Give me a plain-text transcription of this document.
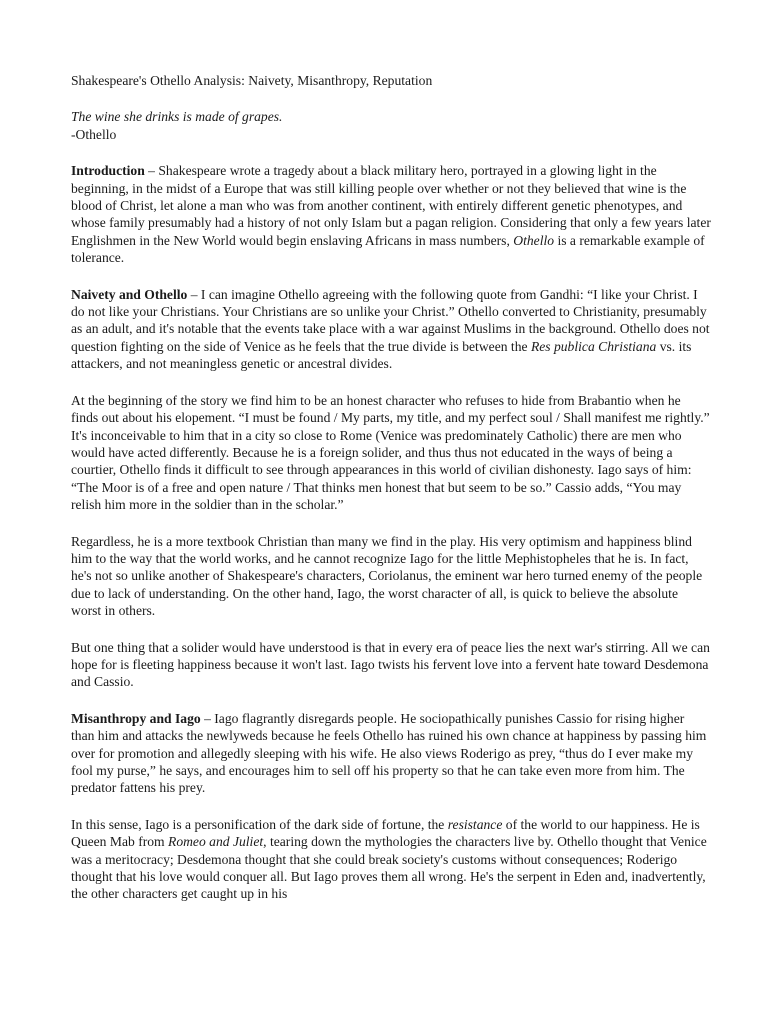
Shakespeare's Othello Analysis: Naivety, Misanthropy, Reputation
The wine she drinks is made of grapes.
-Othello

Introduction – Shakespeare wrote a tragedy about a black military hero, portrayed in a glowing light in the beginning, in the midst of a Europe that was still killing people over whether or not they believed that wine is the blood of Christ, let alone a man who was from another continent, with entirely different genetic phenotypes, and whose family presumably had a history of not only Islam but a pagan religion. Considering that only a few years later Englishmen in the New World would begin enslaving Africans in mass numbers, Othello is a remarkable example of tolerance.

Naivety and Othello – I can imagine Othello agreeing with the following quote from Gandhi: “I like your Christ. I do not like your Christians. Your Christians are so unlike your Christ.” Othello converted to Christianity, presumably as an adult, and it's notable that the events take place with a war against Muslims in the background. Othello does not question fighting on the side of Venice as he feels that the true divide is between the Res publica Christiana vs. its attackers, and not meaningless genetic or ancestral divides.

At the beginning of the story we find him to be an honest character who refuses to hide from Brabantio when he finds out about his elopement. “I must be found / My parts, my title, and my perfect soul / Shall manifest me rightly.” It's inconceivable to him that in a city so close to Rome (Venice was predominately Catholic) there are men who would have acted differently. Because he is a foreign solider, and thus thus not educated in the ways of being a courtier, Othello finds it difficult to see through appearances in this world of civilian dishonesty. Iago says of him: “The Moor is of a free and open nature / That thinks men honest that but seem to be so.” Cassio adds, “You may relish him more in the soldier than in the scholar.”

Regardless, he is a more textbook Christian than many we find in the play. His very optimism and happiness blind him to the way that the world works, and he cannot recognize Iago for the little Mephistopheles that he is. In fact, he's not so unlike another of Shakespeare's characters, Coriolanus, the eminent war hero turned enemy of the people due to lack of understanding. On the other hand, Iago, the worst character of all, is quick to believe the absolute worst in others.

But one thing that a solider would have understood is that in every era of peace lies the next war's stirring. All we can hope for is fleeting happiness because it won't last. Iago twists his fervent love into a fervent hate toward Desdemona and Cassio.

Misanthropy and Iago – Iago flagrantly disregards people. He sociopathically punishes Cassio for rising higher than him and attacks the newlyweds because he feels Othello has ruined his own chance at happiness by passing him over for promotion and allegedly sleeping with his wife. He also views Roderigo as prey, “thus do I ever make my fool my purse,” he says, and encourages him to sell off his property so that he can take even more from him. The predator fattens his prey.

In this sense, Iago is a personification of the dark side of fortune, the resistance of the world to our happiness. He is Queen Mab from Romeo and Juliet, tearing down the mythologies the characters live by. Othello thought that Venice was a meritocracy; Desdemona thought that she could break society's customs without consequences; Roderigo thought that his love would conquer all. But Iago proves them all wrong. He's the serpent in Eden and, inadvertently, the other characters get caught up in his
